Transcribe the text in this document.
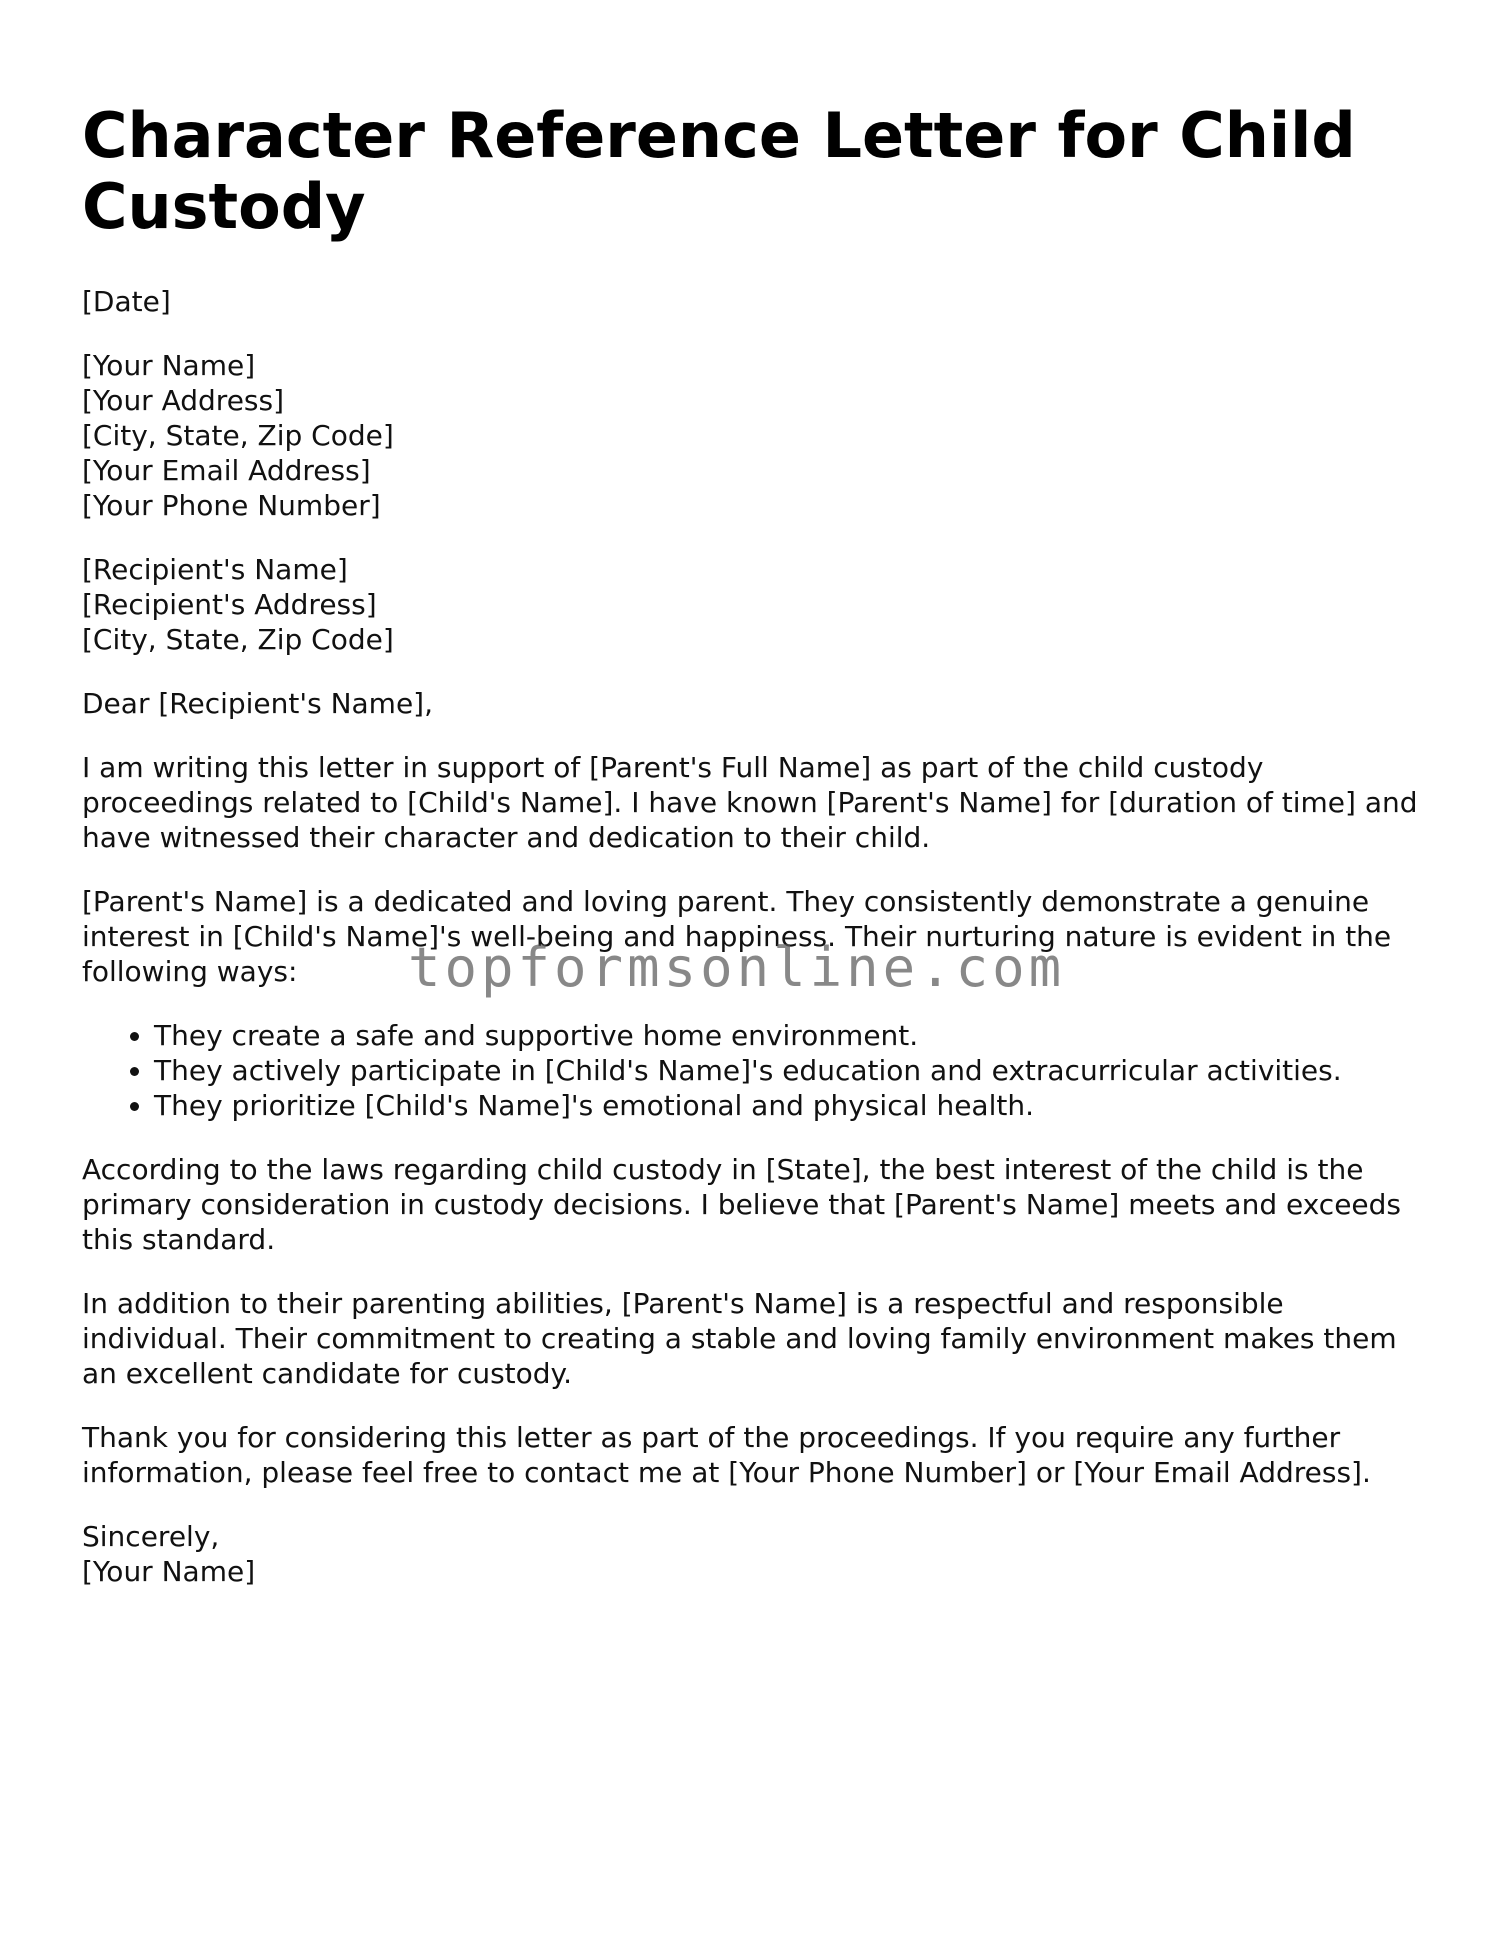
Character Reference Letter for Child Custody

[Date]

[Your Name]
[Your Address]
[City, State, Zip Code]
[Your Email Address]
[Your Phone Number]

[Recipient's Name]
[Recipient's Address]
[City, State, Zip Code]

Dear [Recipient's Name],

I am writing this letter in support of [Parent's Full Name] as part of the child custody proceedings related to [Child's Name]. I have known [Parent's Name] for [duration of time] and have witnessed their character and dedication to their child.

[Parent's Name] is a dedicated and loving parent. They consistently demonstrate a genuine interest in [Child's Name]'s well-being and happiness. Their nurturing nature is evident in the following ways:

• They create a safe and supportive home environment.
• They actively participate in [Child's Name]'s education and extracurricular activities.
• They prioritize [Child's Name]'s emotional and physical health.

According to the laws regarding child custody in [State], the best interest of the child is the primary consideration in custody decisions. I believe that [Parent's Name] meets and exceeds this standard.

In addition to their parenting abilities, [Parent's Name] is a respectful and responsible individual. Their commitment to creating a stable and loving family environment makes them an excellent candidate for custody.

Thank you for considering this letter as part of the proceedings. If you require any further information, please feel free to contact me at [Your Phone Number] or [Your Email Address].

Sincerely,
[Your Name]

topformsonline.com
